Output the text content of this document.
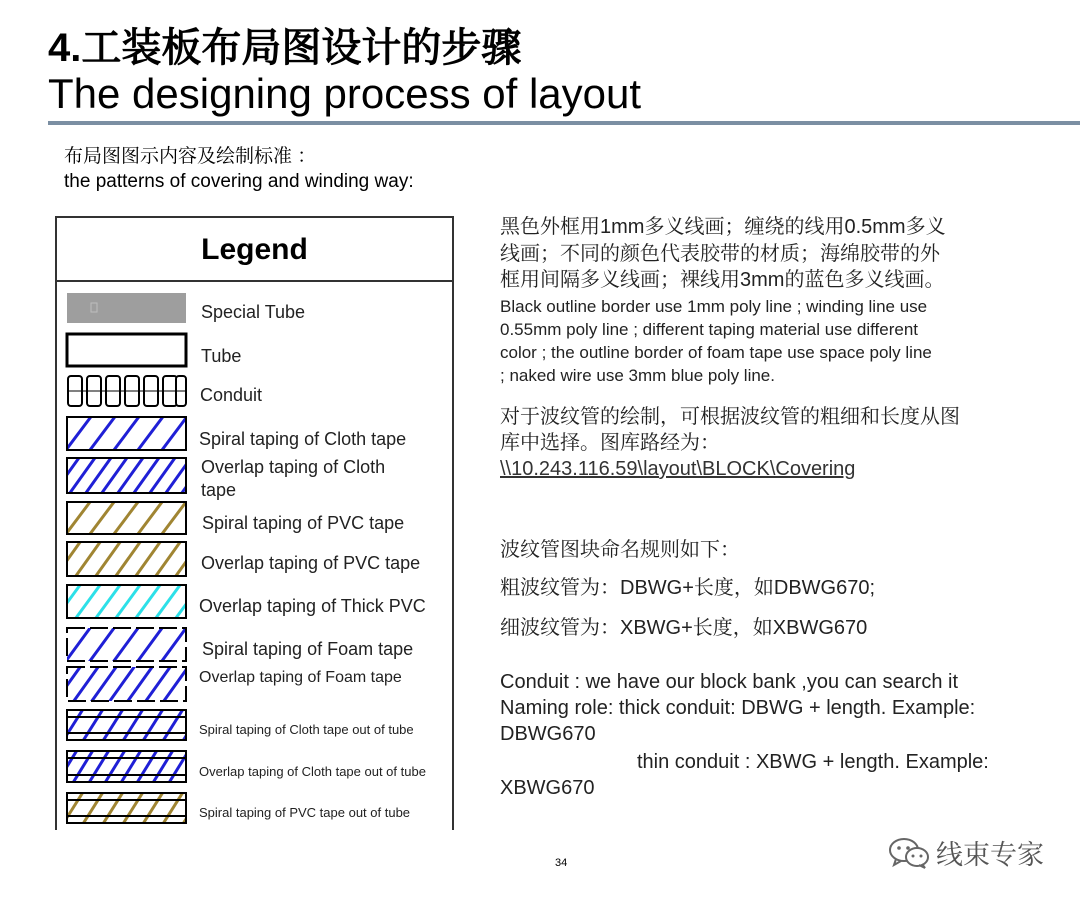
4.工装板布局图设计的步骤
The designing process of layout
布局图图示内容及绘制标准 ：
the patterns of covering and winding way:
Legend
Special Tube
Tube
Conduit
Spiral taping of Cloth tape
Overlap taping of Cloth tape
Spiral taping of PVC tape
Overlap taping of PVC tape
Overlap taping of Thick PVC
Spiral taping of Foam tape
Overlap taping of Foam tape
Spiral taping of Cloth tape out of tube
Overlap taping of Cloth tape out of tube
Spiral taping of PVC tape out of tube
黑色外框用1mm多义线画；缠绕的线用0.5mm多义
线画；不同的颜色代表胶带的材质；海绵胶带的外
框用间隔多义线画；裸线用3mm的蓝色多义线画。
Black outline border use 1mm poly line ; winding line use
0.55mm poly line ; different taping material use different
color ; the outline border of foam tape use space poly line
; naked wire use 3mm blue poly line.
对于波纹管的绘制，可根据波纹管的粗细和长度从图
库中选择。图库路经为：
\\10.243.116.59\layout\BLOCK\Covering
波纹管图块命名规则如下：
粗波纹管为：DBWG+长度，如DBWG670;
细波纹管为：XBWG+长度，如XBWG670
Conduit : we have our block bank ,you can search it
Naming role: thick conduit: DBWG + length. Example:
DBWG670
thin conduit : XBWG + length. Example:
XBWG670
34	线束专家
